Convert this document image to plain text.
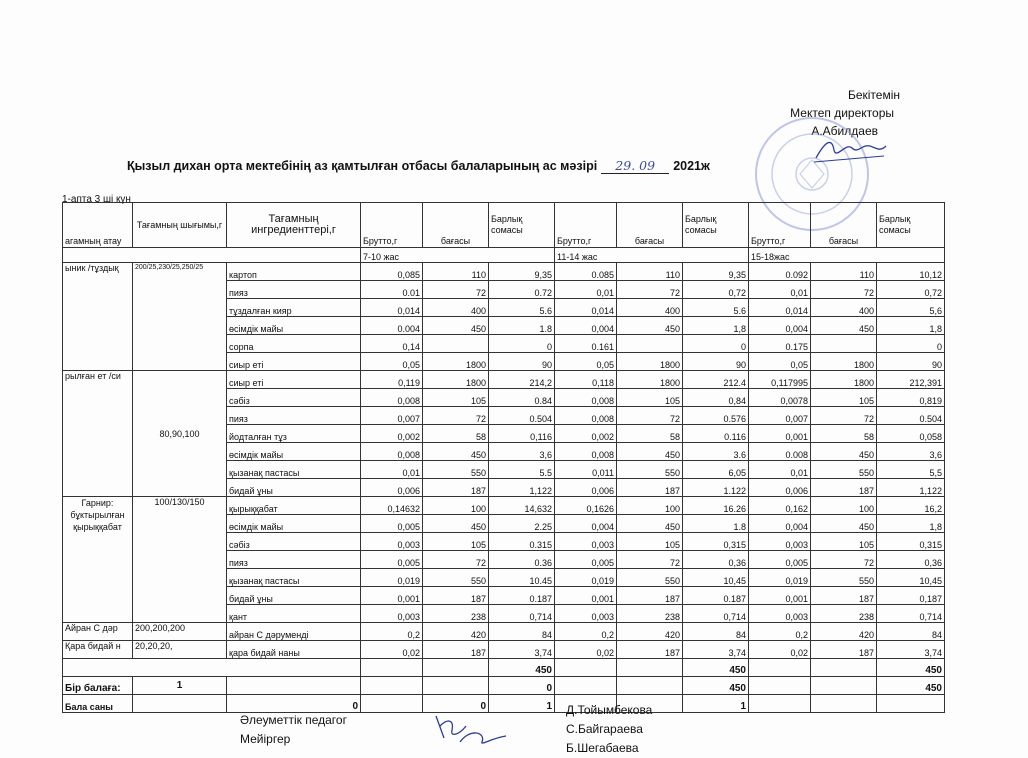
Бекітемін
Мектеп директоры
А.Абилдаев
Қызыл дихан орта мектебінің аз қамтылған отбасы балаларының ас мәзірі 29. 09 2021ж
1-апта 3 ші күн
агамның атау	Тағамның шығымы,г	Тағамның ингредиенттері,г	Брутто,г	бағасы	Барлық сомасы	Брутто,г	бағасы	Барлық сомасы	Брутто,г	бағасы	Барлық сомасы
			7-10 жас			11-14 жас			15-18жас		
ыник /тұздық	200/25,230/25,250/25	картоп	0,085	110	9,35	0.085	110	9,35	0.092	110	10,12
		пияз	0.01	72	0.72	0,01	72	0,72	0,01	72	0,72
		тұздалған кияр	0,014	400	5.6	0,014	400	5.6	0,014	400	5,6
		өсімдік майы	0.004	450	1.8	0,004	450	1,8	0,004	450	1,8
		сорпа	0,14		0	0.161		0	0.175		0
		сиыр еті	0,05	1800	90	0,05	1800	90	0,05	1800	90
рылған ет /си	80,90,100	сиыр еті	0,119	1800	214,2	0,118	1800	212.4	0,117995	1800	212,391
		сәбіз	0,008	105	0.84	0,008	105	0,84	0,0078	105	0,819
		пияз	0,007	72	0.504	0,008	72	0.576	0,007	72	0.504
		йодталған тұз	0,002	58	0,116	0,002	58	0.116	0,001	58	0,058
		өсімдік майы	0,008	450	3,6	0,008	450	3.6	0.008	450	3,6
		қызанақ пастасы	0,01	550	5.5	0,011	550	6,05	0,01	550	5,5
		бидай ұны	0,006	187	1,122	0,006	187	1.122	0,006	187	1,122
Гарнир: бұктырылған қырыққабат	100/130/150	қырыққабат	0,14632	100	14,632	0,1626	100	16.26	0,162	100	16,2
		өсімдік майы	0,005	450	2.25	0,004	450	1.8	0,004	450	1,8
		сәбіз	0,003	105	0.315	0,003	105	0,315	0,003	105	0,315
		пияз	0,005	72	0.36	0,005	72	0,36	0,005	72	0,36
		қызанақ пастасы	0,019	550	10.45	0,019	550	10,45	0,019	550	10,45
		бидай ұны	0,001	187	0.187	0,001	187	0.187	0,001	187	0,187
		қант	0,003	238	0,714	0,003	238	0,714	0,003	238	0,714
Айран С дәр	200,200,200	айран С дәруменді	0,2	420	84	0,2	420	84	0,2	420	84
Қара бидай н	20,20,20,	қара бидай наны	0,02	187	3,74	0,02	187	3,74	0,02	187	3,74
					450			450			450
Бір балаға:	1				0			450			450
Бала саны		0		0	1			1			
Әлеуметтік педагог
Мейіргер
Д.Тойымбекова
С.Байгараева
Б.Шегабаева
